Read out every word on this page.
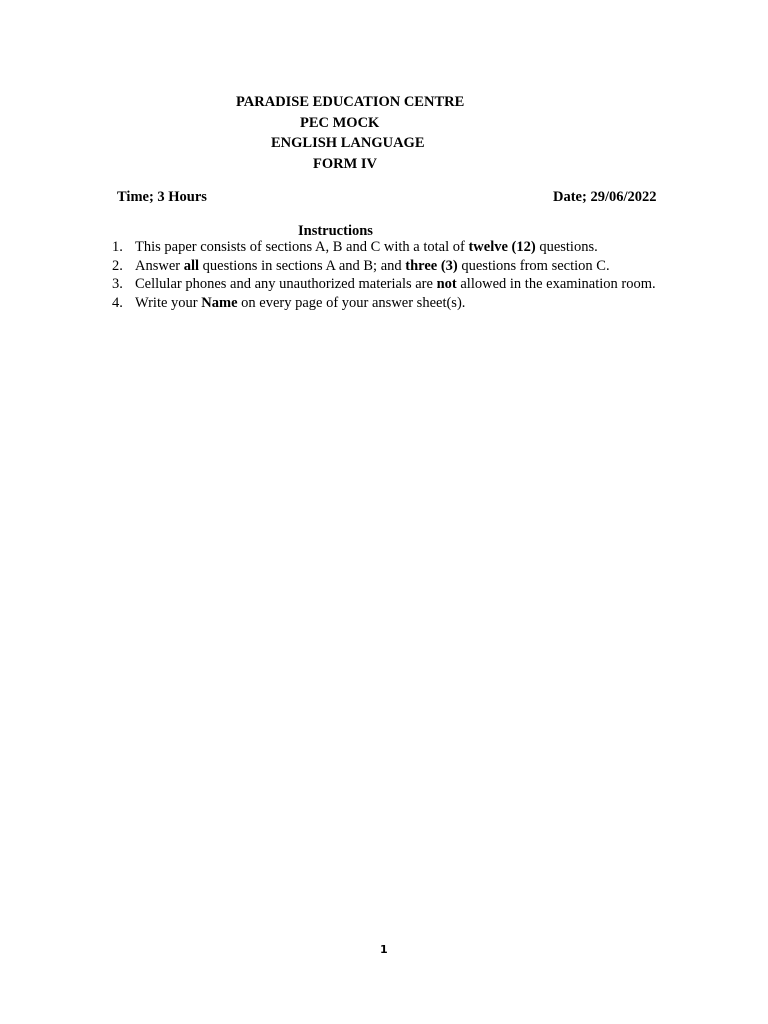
PARADISE EDUCATION CENTRE
PEC MOCK
ENGLISH LANGUAGE
FORM IV
Time; 3 Hours	Date; 29/06/2022
Instructions
1. This paper consists of sections A, B and C with a total of twelve (12) questions.
2. Answer all questions in sections A and B; and three (3) questions from section C.
3. Cellular phones and any unauthorized materials are not allowed in the examination room.
4. Write your Name on every page of your answer sheet(s).
1
